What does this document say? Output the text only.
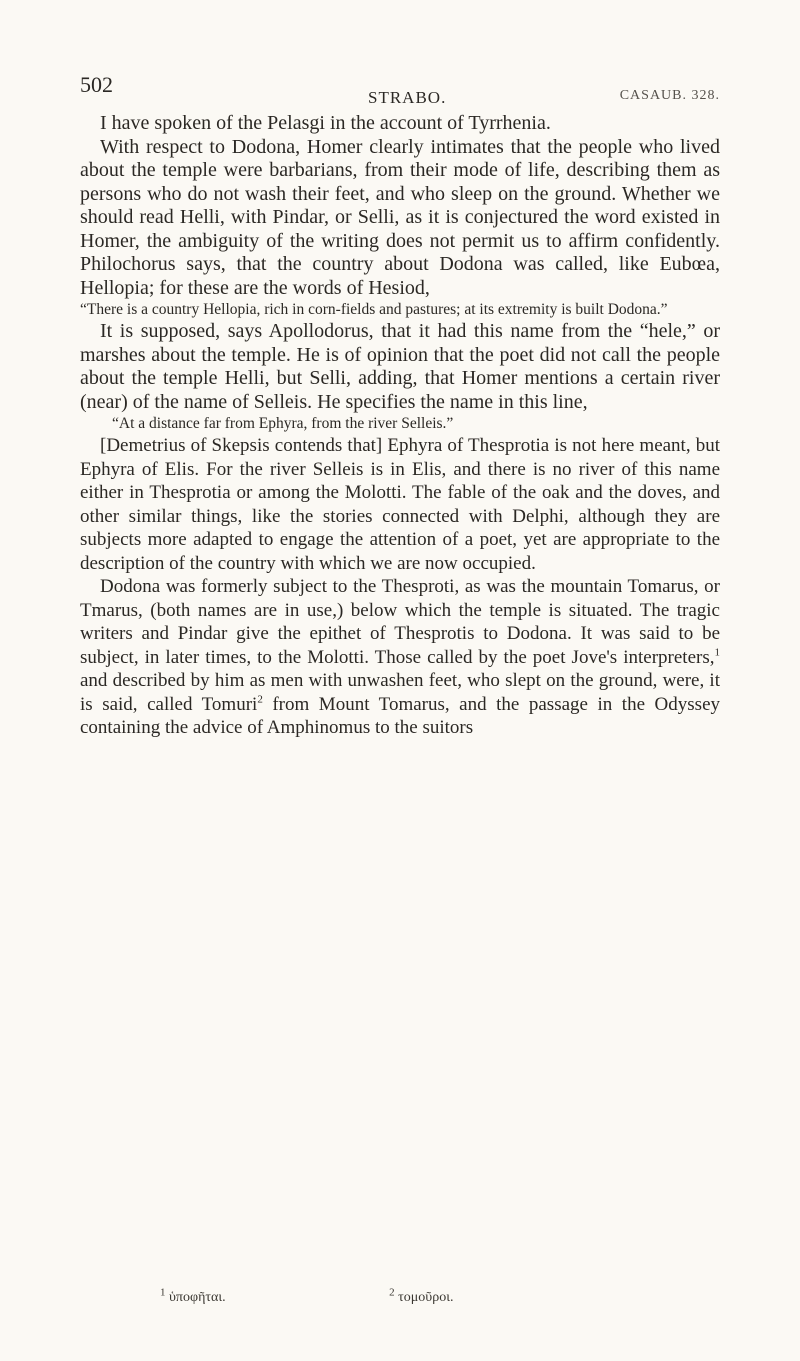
502
STRABO.	CASAUB. 328.

I have spoken of the Pelasgi in the account of Tyrrhenia.

With respect to Dodona, Homer clearly intimates that the people who lived about the temple were barbarians, from their mode of life, describing them as persons who do not wash their feet, and who sleep on the ground. Whether we should read Helli, with Pindar, or Selli, as it is conjectured the word existed in Homer, the ambiguity of the writing does not permit us to affirm confidently. Philochorus says, that the country about Dodona was called, like Eubœa, Hellopia; for these are the words of Hesiod,

“There is a country Hellopia, rich in corn-fields and pastures; at its extremity is built Dodona.”

It is supposed, says Apollodorus, that it had this name from the “hele,” or marshes about the temple. He is of opinion that the poet did not call the people about the temple Helli, but Selli, adding, that Homer mentions a certain river (near) of the name of Selleis. He specifies the name in this line,

“At a distance far from Ephyra, from the river Selleis.”

[Demetrius of Skepsis contends that] Ephyra of Thesprotia is not here meant, but Ephyra of Elis. For the river Selleis is in Elis, and there is no river of this name either in Thesprotia or among the Molotti. The fable of the oak and the doves, and other similar things, like the stories connected with Delphi, although they are subjects more adapted to engage the attention of a poet, yet are appropriate to the description of the country with which we are now occupied.

Dodona was formerly subject to the Thesproti, as was the mountain Tomarus, or Tmarus, (both names are in use,) below which the temple is situated. The tragic writers and Pindar give the epithet of Thesprotis to Dodona. It was said to be subject, in later times, to the Molotti. Those called by the poet Jove's interpreters,$^1$ and described by him as men with unwashen feet, who slept on the ground, were, it is said, called Tomuri$^2$ from Mount Tomarus, and the passage in the Odyssey containing the advice of Amphinomus to the suitors

$^1$ ὑποφῆται.	$^2$ τομοῦροι.
